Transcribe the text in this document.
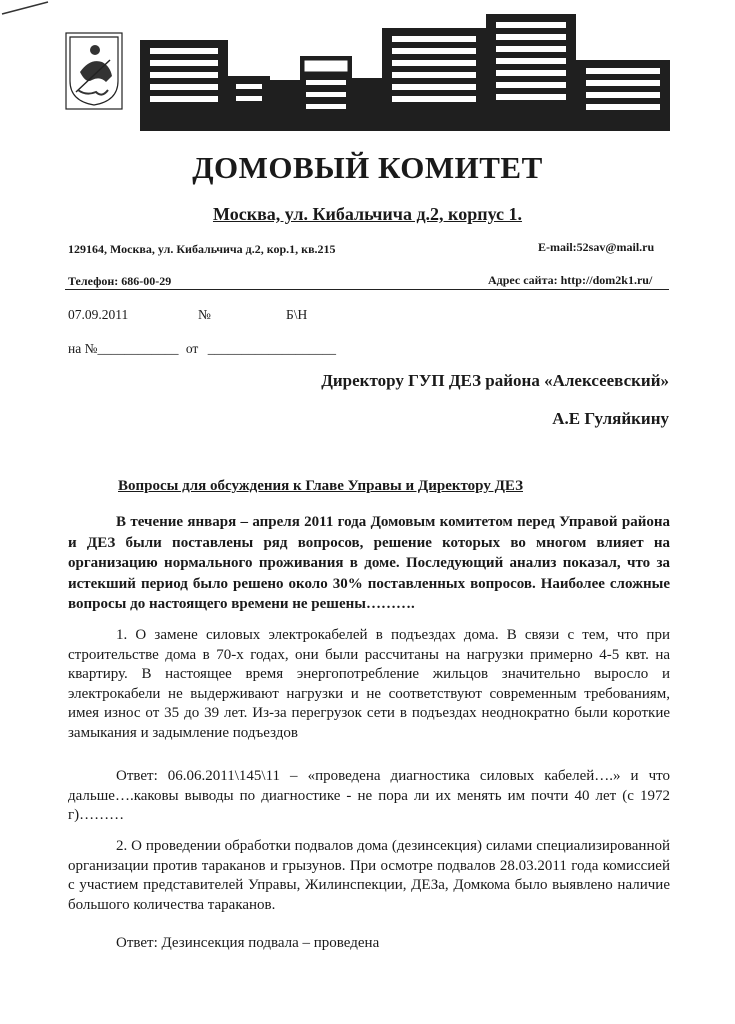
ДОМОВЫЙ КОМИТЕТ
Москва, ул. Кибальчича д.2, корпус 1.
129164, Москва, ул. Кибальчича д.2, кор.1, кв.215	E-mail:52sav@mail.ru
Телефон: 686-00-29	Адрес сайта: http://dom2k1.ru/
07.09.2011	№	Б\Н
на №____________ от ___________________
Директору ГУП ДЕЗ района «Алексеевский»
А.Е Гуляйкину
Вопросы для обсуждения к Главе Управы и Директору ДЕЗ
В течение января – апреля 2011 года Домовым комитетом перед Управой района и ДЕЗ были поставлены ряд вопросов, решение которых во многом влияет на организацию нормального проживания в доме. Последующий анализ показал, что за истекший период было решено около 30% поставленных вопросов. Наиболее сложные вопросы до настоящего времени не решены……….
1. О замене силовых электрокабелей в подъездах дома. В связи с тем, что при строительстве дома в 70-х годах, они были рассчитаны на нагрузки примерно 4-5 квт. на квартиру. В настоящее время энергопотребление жильцов значительно выросло и электрокабели не выдерживают нагрузки и не соответствуют современным требованиям, имея износ от 35 до 39 лет. Из-за перегрузок сети в подъездах неоднократно были короткие замыкания и задымление подъездов
Ответ: 06.06.2011\145\11 – «проведена диагностика силовых кабелей….» и что дальше….каковы выводы по диагностике - не пора ли их менять им почти 40 лет (с 1972 г)………
2. О проведении обработки подвалов дома (дезинсекция) силами специализированной организации против тараканов и грызунов. При осмотре подвалов 28.03.2011 года комиссией с участием представителей Управы, Жилинспекции, ДЕЗа, Домкома было выявлено наличие большого количества тараканов.
Ответ: Дезинсекция подвала – проведена
